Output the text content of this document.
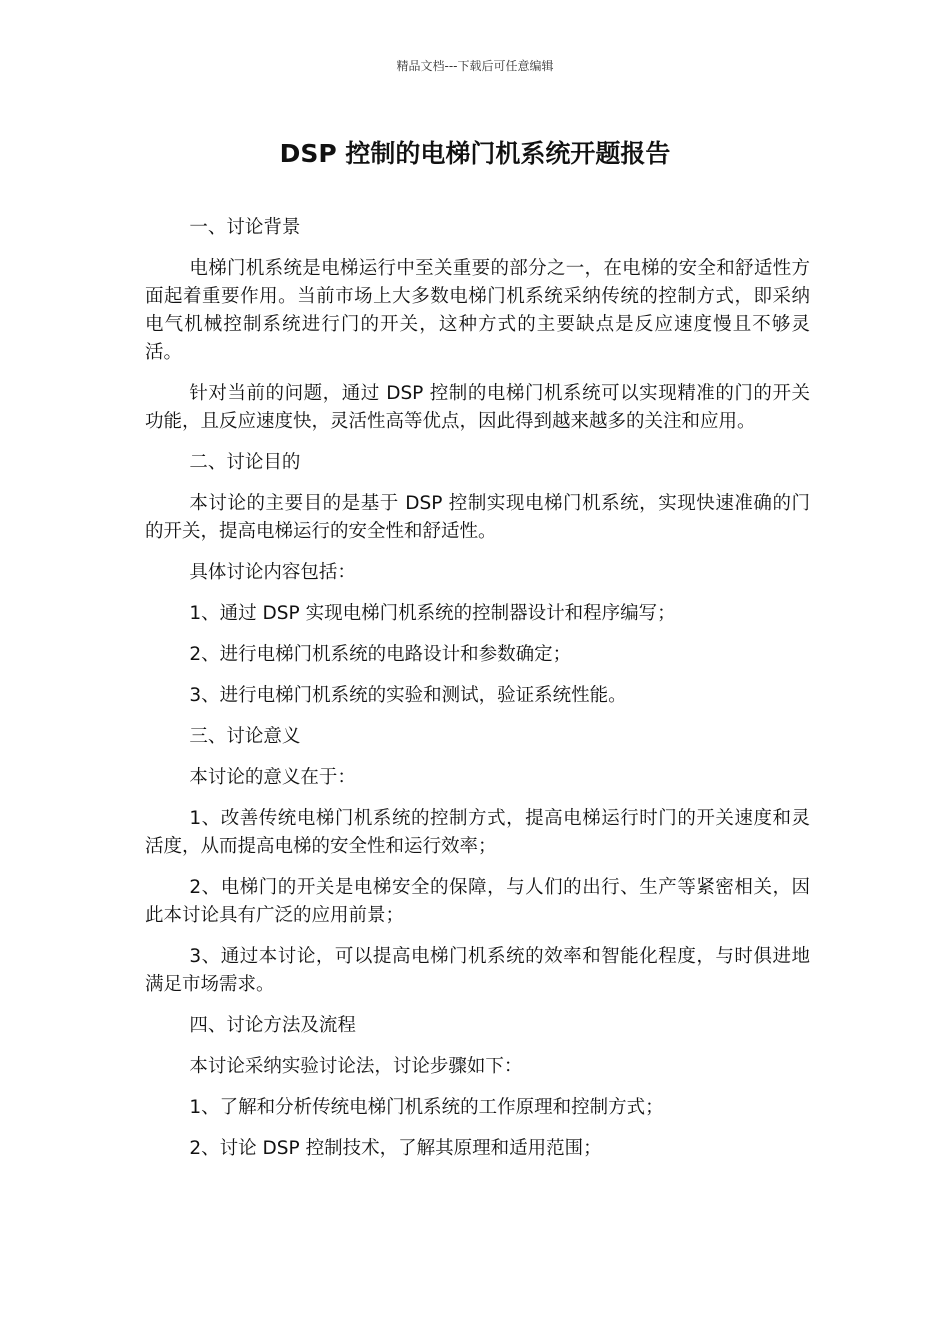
精品文档---下载后可任意编辑
DSP 控制的电梯门机系统开题报告

一、讨论背景

电梯门机系统是电梯运行中至关重要的部分之一，在电梯的安全和舒适性方面起着重要作用。当前市场上大多数电梯门机系统采纳传统的控制方式，即采纳电气机械控制系统进行门的开关，这种方式的主要缺点是反应速度慢且不够灵活。

针对当前的问题，通过 DSP 控制的电梯门机系统可以实现精准的门的开关功能，且反应速度快，灵活性高等优点，因此得到越来越多的关注和应用。

二、讨论目的

本讨论的主要目的是基于 DSP 控制实现电梯门机系统，实现快速准确的门的开关，提高电梯运行的安全性和舒适性。

具体讨论内容包括：

1、通过 DSP 实现电梯门机系统的控制器设计和程序编写；

2、进行电梯门机系统的电路设计和参数确定；

3、进行电梯门机系统的实验和测试，验证系统性能。

三、讨论意义

本讨论的意义在于：

1、改善传统电梯门机系统的控制方式，提高电梯运行时门的开关速度和灵活度，从而提高电梯的安全性和运行效率；

2、电梯门的开关是电梯安全的保障，与人们的出行、生产等紧密相关，因此本讨论具有广泛的应用前景；

3、通过本讨论，可以提高电梯门机系统的效率和智能化程度，与时俱进地满足市场需求。

四、讨论方法及流程

本讨论采纳实验讨论法，讨论步骤如下：

1、了解和分析传统电梯门机系统的工作原理和控制方式；

2、讨论 DSP 控制技术，了解其原理和适用范围；
